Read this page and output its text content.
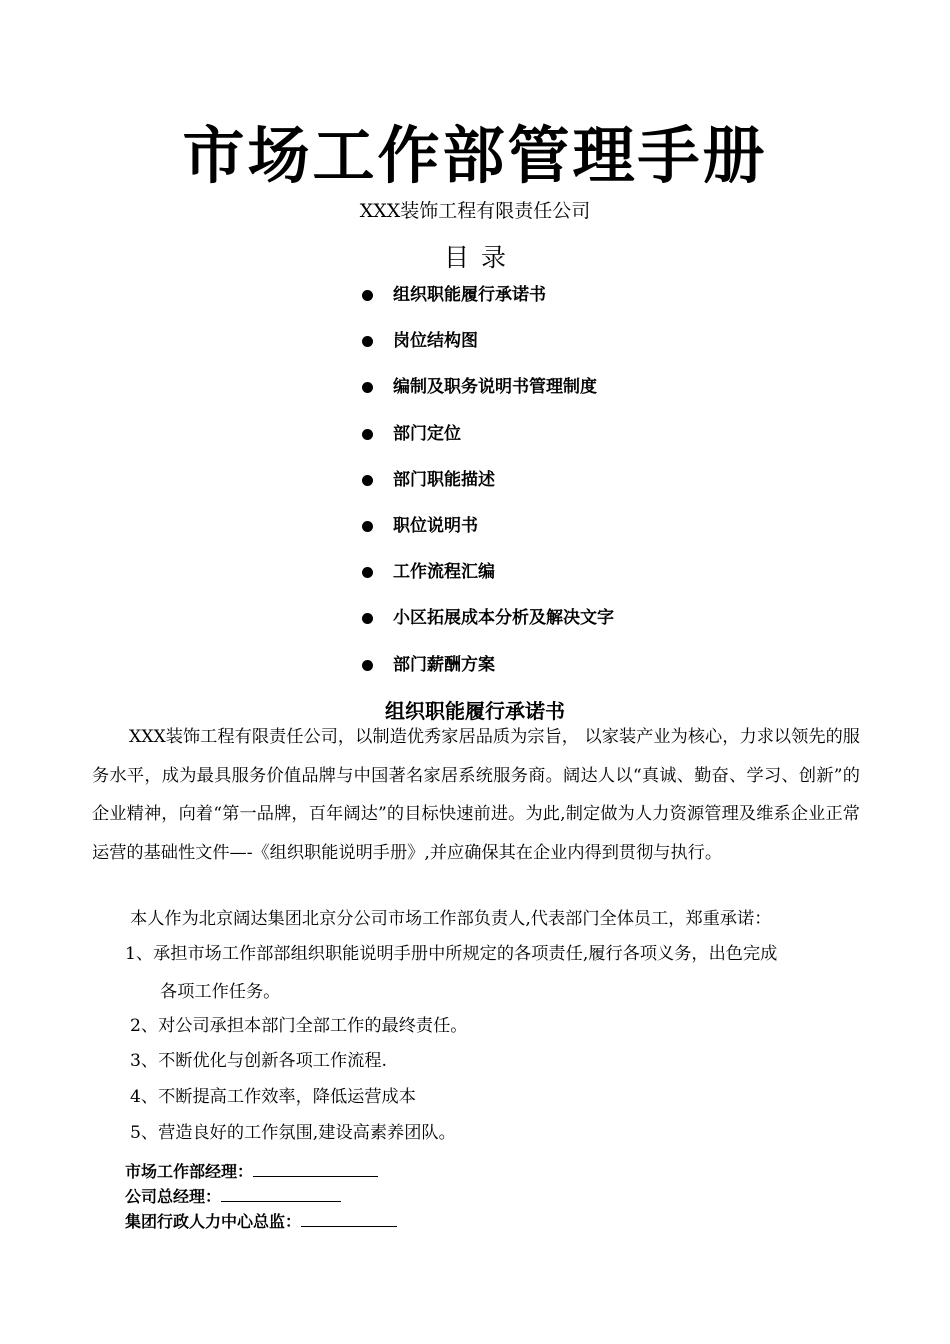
市场工作部管理手册
XXX装饰工程有限责任公司
目录
组织职能履行承诺书
岗位结构图
编制及职务说明书管理制度
部门定位
部门职能描述
职位说明书
工作流程汇编
小区拓展成本分析及解决文字
部门薪酬方案
组织职能履行承诺书

XXX装饰工程有限责任公司，以制造优秀家居品质为宗旨， 以家装产业为核心，力求以领先的服务水平，成为最具服务价值品牌与中国著名家居系统服务商。阔达人以“真诚、勤奋、学习、创新”的企业精神，向着“第一品牌，百年阔达”的目标快速前进。为此,制定做为人力资源管理及维系企业正常运营的基础性文件—-《组织职能说明手册》,并应确保其在企业内得到贯彻与执行。

本人作为北京阔达集团北京分公司市场工作部负责人,代表部门全体员工，郑重承诺：
1、承担市场工作部部组织职能说明手册中所规定的各项责任,履行各项义务，出色完成
各项工作任务。
2、对公司承担本部门全部工作的最终责任。
3、不断优化与创新各项工作流程.
4、不断提高工作效率，降低运营成本
5、营造良好的工作氛围,建设高素养团队。
市场工作部经理：
公司总经理：
集团行政人力中心总监：
